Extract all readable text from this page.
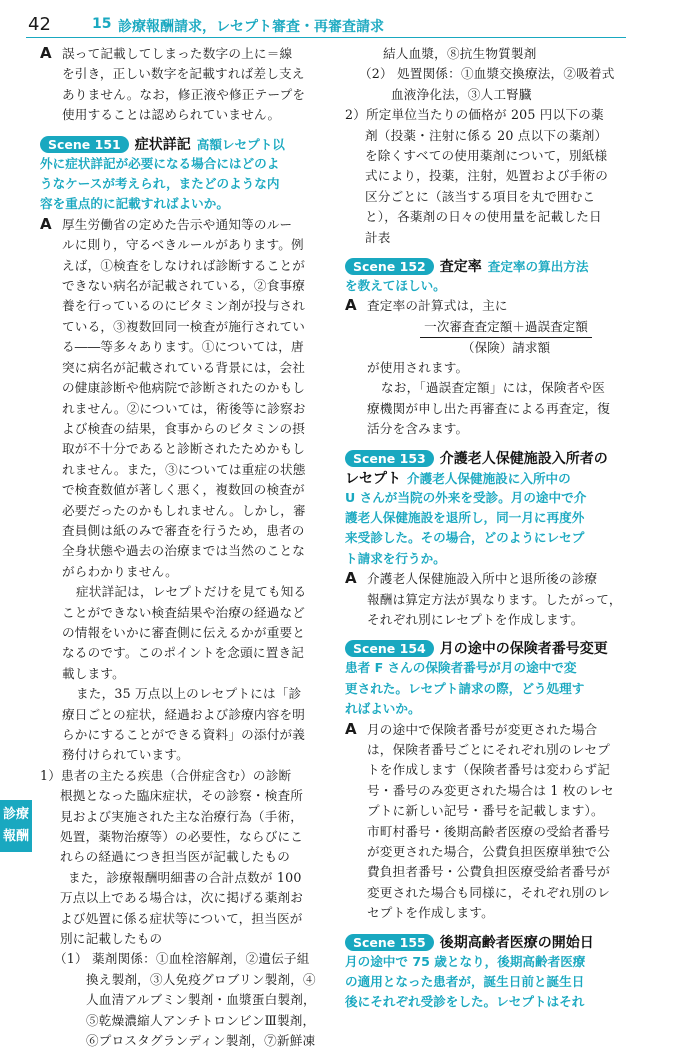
42	15 診療報酬請求，レセプト審査・再審査請求
A 誤って記載してしまった数字の上に＝線
を引き，正しい数字を記載すれば差し支え
ありません。なお，修正液や修正テープを
使用することは認められていません。
Scene 151 症状詳記 高額レセプト以
外に症状詳記が必要になる場合にはどのよ
うなケースが考えられ，またどのような内
容を重点的に記載すればよいか。
A 厚生労働省の定めた告示や通知等のルー
ルに則り，守るべきルールがあります。例
えば，①検査をしなければ診断することが
できない病名が記載されている，②食事療
養を行っているのにビタミン剤が投与され
ている，③複数回同一検査が施行されてい
る――等多々あります。①については，唐
突に病名が記載されている背景には，会社
の健康診断や他病院で診断されたのかもし
れません。②については，術後等に診察お
よび検査の結果，食事からのビタミンの摂
取が不十分であると診断されたためかもし
れません。また，③については重症の状態
で検査数値が著しく悪く，複数回の検査が
必要だったのかもしれません。しかし，審
査員側は紙のみで審査を行うため，患者の
全身状態や過去の治療までは当然のことな
がらわかりません。
症状詳記は，レセプトだけを見ても知る
ことができない検査結果や治療の経過など
の情報をいかに審査側に伝えるかが重要と
なるのです。このポイントを念頭に置き記
載します。
また，35 万点以上のレセプトには「診
療日ごとの症状，経過および診療内容を明
らかにすることができる資料」の添付が義
務付けられています。
1）患者の主たる疾患（合併症含む）の診断
根拠となった臨床症状，その診察・検査所
見および実施された主な治療行為（手術，
処置，薬物治療等）の必要性，ならびにこ
れらの経過につき担当医が記載したもの
また，診療報酬明細書の合計点数が 100
万点以上である場合は，次に掲げる薬剤お
よび処置に係る症状等について，担当医が
別に記載したもの
（1） 薬剤関係：①血栓溶解剤，②遺伝子組
換え製剤，③人免疫グロブリン製剤，④
人血清アルブミン製剤・血漿蛋白製剤，
⑤乾燥濃縮人アンチトロンビンⅢ製剤，
⑥プロスタグランディン製剤，⑦新鮮凍
結人血漿，⑧抗生物質製剤
（2） 処置関係：①血漿交換療法，②吸着式
血液浄化法，③人工腎臓
2）所定単位当たりの価格が 205 円以下の薬
剤（投薬・注射に係る 20 点以下の薬剤）
を除くすべての使用薬剤について，別紙様
式により，投薬，注射，処置および手術の
区分ごとに（該当する項目を丸で囲むこ
と），各薬剤の日々の使用量を記載した日
計表
Scene 152 査定率 査定率の算出方法
を教えてほしい。
A 査定率の計算式は，主に
一次審査査定額＋過誤査定額
（保険）請求額
が使用されます。
なお，「過誤査定額」には，保険者や医
療機関が申し出た再審査による再査定，復
活分を含みます。
Scene 153 介護老人保健施設入所者の
レセプト 介護老人保健施設に入所中の
U さんが当院の外来を受診。月の途中で介
護老人保健施設を退所し，同一月に再度外
来受診した。その場合，どのようにレセプ
ト請求を行うか。
A 介護老人保健施設入所中と退所後の診療
報酬は算定方法が異なります。したがって，
それぞれ別にレセプトを作成します。
Scene 154 月の途中の保険者番号変更
患者 F さんの保険者番号が月の途中で変
更された。レセプト請求の際，どう処理す
ればよいか。
A 月の途中で保険者番号が変更された場合
は，保険者番号ごとにそれぞれ別のレセプ
トを作成します（保険者番号は変わらず記
号・番号のみ変更された場合は 1 枚のレセ
プトに新しい記号・番号を記載します）。
市町村番号・後期高齢者医療の受給者番号
が変更された場合，公費負担医療単独で公
費負担者番号・公費負担医療受給者番号が
変更された場合も同様に，それぞれ別のレ
セプトを作成します。
Scene 155 後期高齢者医療の開始日
月の途中で 75 歳となり，後期高齢者医療
の適用となった患者が，誕生日前と誕生日
後にそれぞれ受診をした。レセプトはそれ
診療
報酬
